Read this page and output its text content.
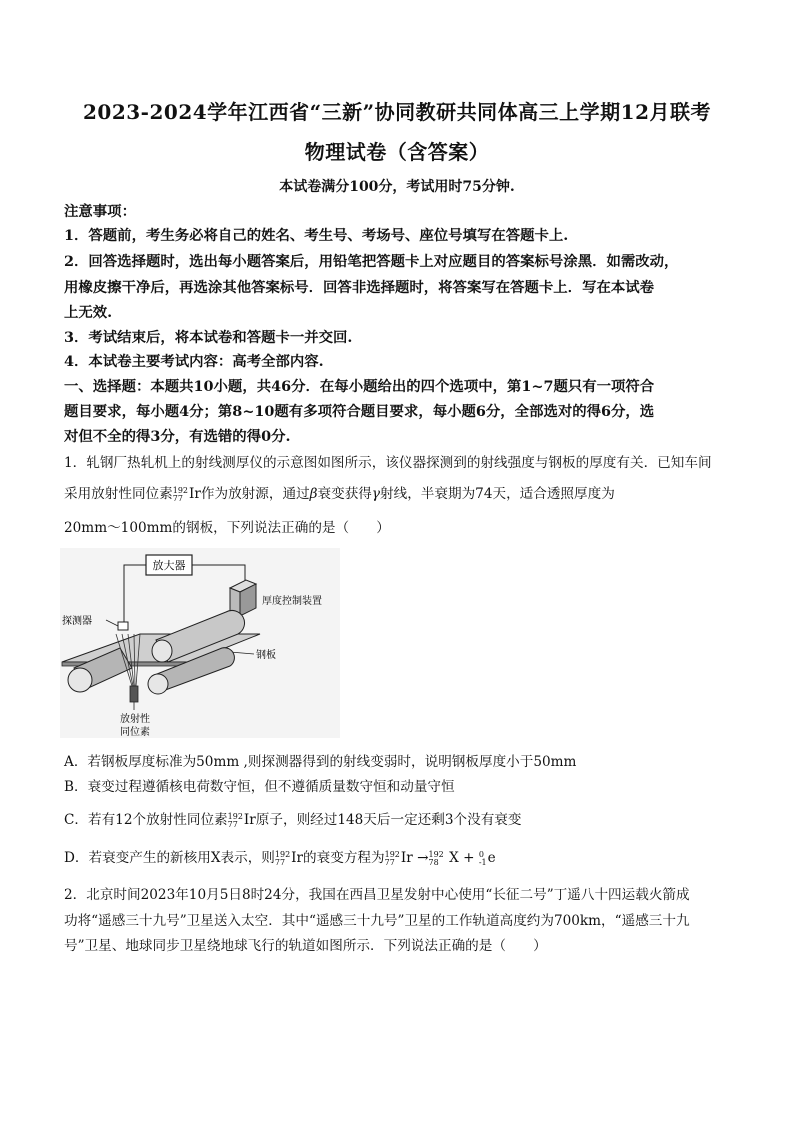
2023-2024学年江西省“三新”协同教研共同体高三上学期12月联考
物理试卷（含答案）
本试卷满分100分，考试用时75分钟.
注意事项：
1．答题前，考生务必将自己的姓名、考生号、考场号、座位号填写在答题卡上.
2．回答选择题时，选出每小题答案后，用铅笔把答题卡上对应题目的答案标号涂黑．如需改动，
用橡皮擦干净后，再选涂其他答案标号．回答非选择题时，将答案写在答题卡上．写在本试卷
上无效.
3．考试结束后，将本试卷和答题卡一并交回.
4．本试卷主要考试内容：高考全部内容.
一、选择题：本题共10小题，共46分．在每小题给出的四个选项中，第1~7题只有一项符合
题目要求，每小题4分；第8~10题有多项符合题目要求，每小题6分，全部选对的得6分，选
对但不全的得3分，有选错的得0分.
1．轧钢厂热轧机上的射线测厚仪的示意图如图所示，该仪器探测到的射线强度与钢板的厚度有关．已知车间
采用放射性同位素 192
77 Ir作为放射源，通过β衰变获得γ射线，半衰期为74天，适合透照厚度为
20mm～100mm的钢板，下列说法正确的是（　　）
放大器
厚度控制装置
探测器
钢板
放射性
同位素
A．若钢板厚度标准为50mm ,则探测器得到的射线变弱时，说明钢板厚度小于50mm
B．衰变过程遵循核电荷数守恒，但不遵循质量数守恒和动量守恒
C．若有12个放射性同位素 192
77 Ir原子，则经过148天后一定还剩3个没有衰变
D．若衰变产生的新核用X表示，则 192
77 Ir的衰变方程为 192
77 Ir → 192
78 X + 0
-1 e
2．北京时间2023年10月5日8时24分，我国在西昌卫星发射中心使用“长征二号”丁遥八十四运载火箭成
功将“遥感三十九号”卫星送入太空．其中“遥感三十九号”卫星的工作轨道高度约为700km，“遥感三十九
号”卫星、地球同步卫星绕地球飞行的轨道如图所示．下列说法正确的是（　　）
